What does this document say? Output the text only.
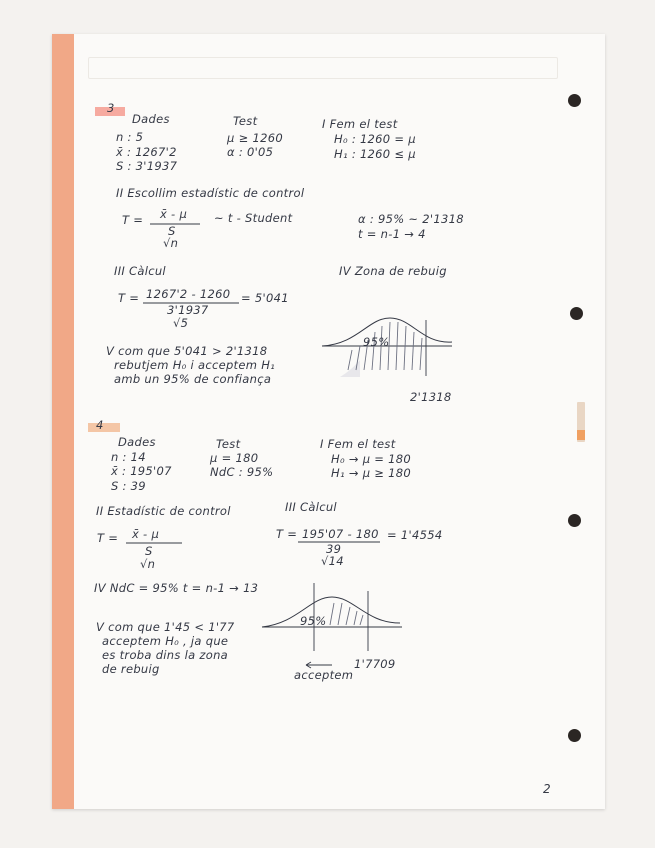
3
Dades
n : 5
x̄ : 1267'2
S : 3'1937
Test
μ ≥ 1260
α : 0'05
I Fem el test
H₀ : 1260 = μ
H₁ : 1260 ≤ μ
II Escollim estadístic de control
T = x̄ - μ
S
√n
~ t - Student	α : 95% ~ 2'1318
t = n-1 → 4
III Càlcul
T = 1267'2 - 1260
3'1937
√5
= 5'041
IV Zona de rebuig
95%
2'1318
V com que 5'041 > 2'1318
rebutjem H₀ i acceptem H₁
amb un 95% de confiança
4
Dades
n : 14
x̄ : 195'07
S : 39
Test
μ = 180
NdC : 95%
I Fem el test
H₀ → μ = 180
H₁ → μ ≥ 180
II Estadístic de control	III Càlcul
T = x̄ - μ
S
√n
T = 195'07 - 180
39
√14
= 1'4554
IV NdC = 95% t = n-1 → 13
95%
1'7709
acceptem
V com que 1'45 < 1'77
acceptem H₀ , ja que
es troba dins la zona
de rebuig
2
